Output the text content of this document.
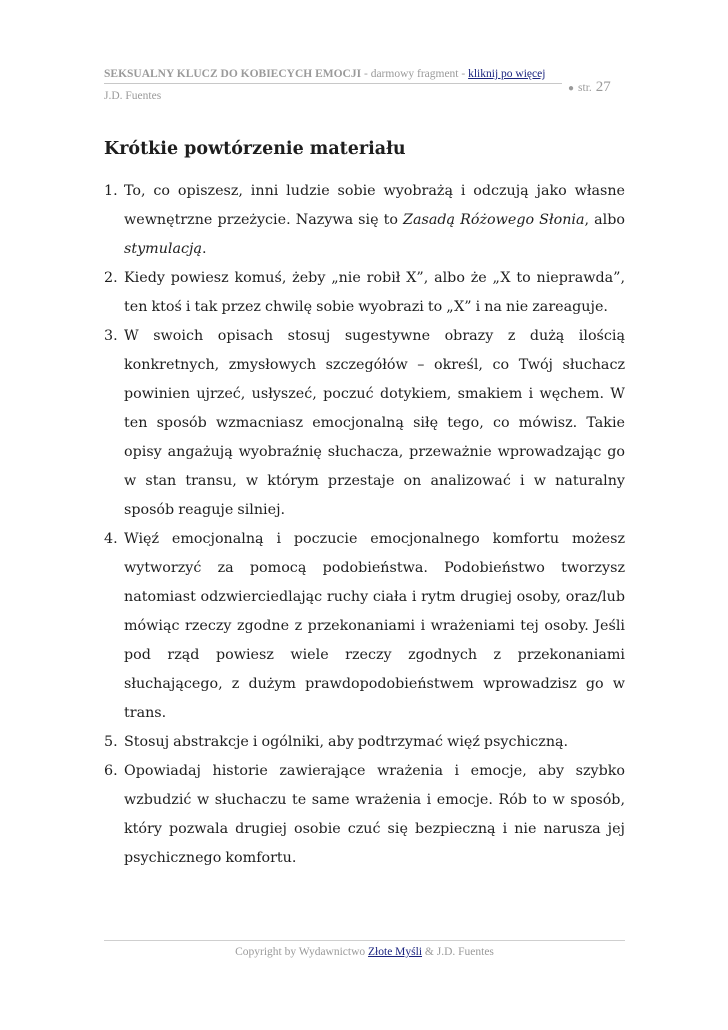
SEKSUALNY KLUCZ DO KOBIECYCH EMOCJI - darmowy fragment - kliknij po więcej
J.D. Fuentes
● str. 27
Krótkie powtórzenie materiału
1. To, co opiszesz, inni ludzie sobie wyobrażą i odczują jako własne wewnętrzne przeżycie. Nazywa się to Zasadą Różowego Słonia, albo stymulacją.
2. Kiedy powiesz komuś, żeby „nie robił X”, albo że „X to nieprawda”, ten ktoś i tak przez chwilę sobie wyobrazi to „X” i na nie zareaguje.
3. W swoich opisach stosuj sugestywne obrazy z dużą ilością konkretnych, zmysłowych szczegółów – określ, co Twój słuchacz powinien ujrzeć, usłyszeć, poczuć dotykiem, smakiem i węchem. W ten sposób wzmacniasz emocjonalną siłę tego, co mówisz. Takie opisy angażują wyobraźnię słuchacza, przeważnie wprowadzając go w stan transu, w którym przestaje on analizować i w naturalny sposób reaguje silniej.
4. Więź emocjonalną i poczucie emocjonalnego komfortu możesz wytworzyć za pomocą podobieństwa. Podobieństwo tworzysz natomiast odzwierciedlając ruchy ciała i rytm drugiej osoby, oraz/lub mówiąc rzeczy zgodne z przekonaniami i wrażeniami tej osoby. Jeśli pod rząd powiesz wiele rzeczy zgodnych z przekonaniami słuchającego, z dużym prawdopodobieństwem wprowadzisz go w trans.
5. Stosuj abstrakcje i ogólniki, aby podtrzymać więź psychiczną.
6. Opowiadaj historie zawierające wrażenia i emocje, aby szybko wzbudzić w słuchaczu te same wrażenia i emocje. Rób to w sposób, który pozwala drugiej osobie czuć się bezpieczną i nie narusza jej psychicznego komfortu.
Copyright by Wydawnictwo Złote Myśli & J.D. Fuentes
